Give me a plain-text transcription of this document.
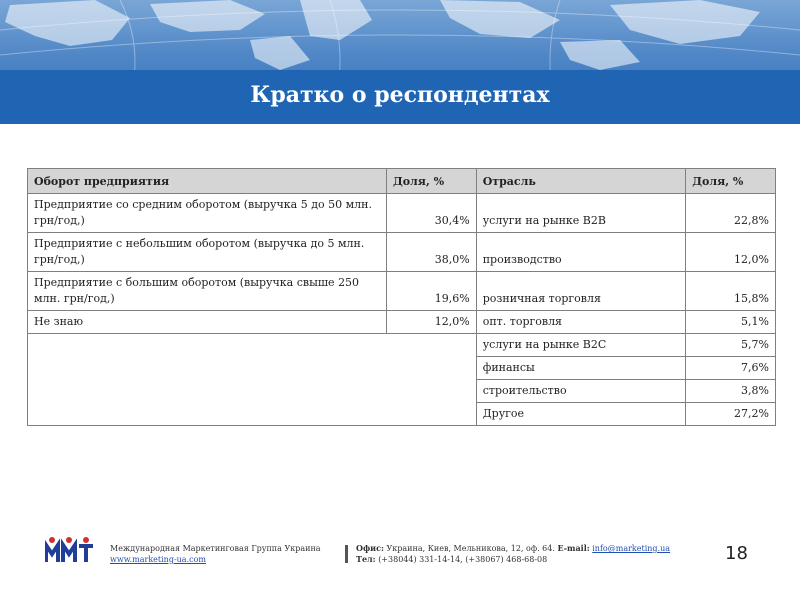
Кратко о респондентах
Оборот предприятия	Доля, %	Отрасль	Доля, %
Предприятие со средним оборотом (выручка 5 до 50 млн. грн/год,)	30,4%	услуги на рынке B2B	22,8%
Предприятие с небольшим оборотом (выручка до 5 млн. грн/год,)	38,0%	производство	12,0%
Предприятие с большим оборотом (выручка свыше 250 млн. грн/год,)	19,6%	розничная торговля	15,8%
Не знаю	12,0%	опт. торговля	5,1%
		услуги на рынке B2C	5,7%
		финансы	7,6%
		строительство	3,8%
		Другое	27,2%
Международная Маркетинговая Группа Украина
www.marketing-ua.com
Офис: Украина, Киев, Мельникова, 12, оф. 64. E-mail: info@marketing.ua
Тел: (+38044) 331-14-14, (+38067) 468-68-08	18
